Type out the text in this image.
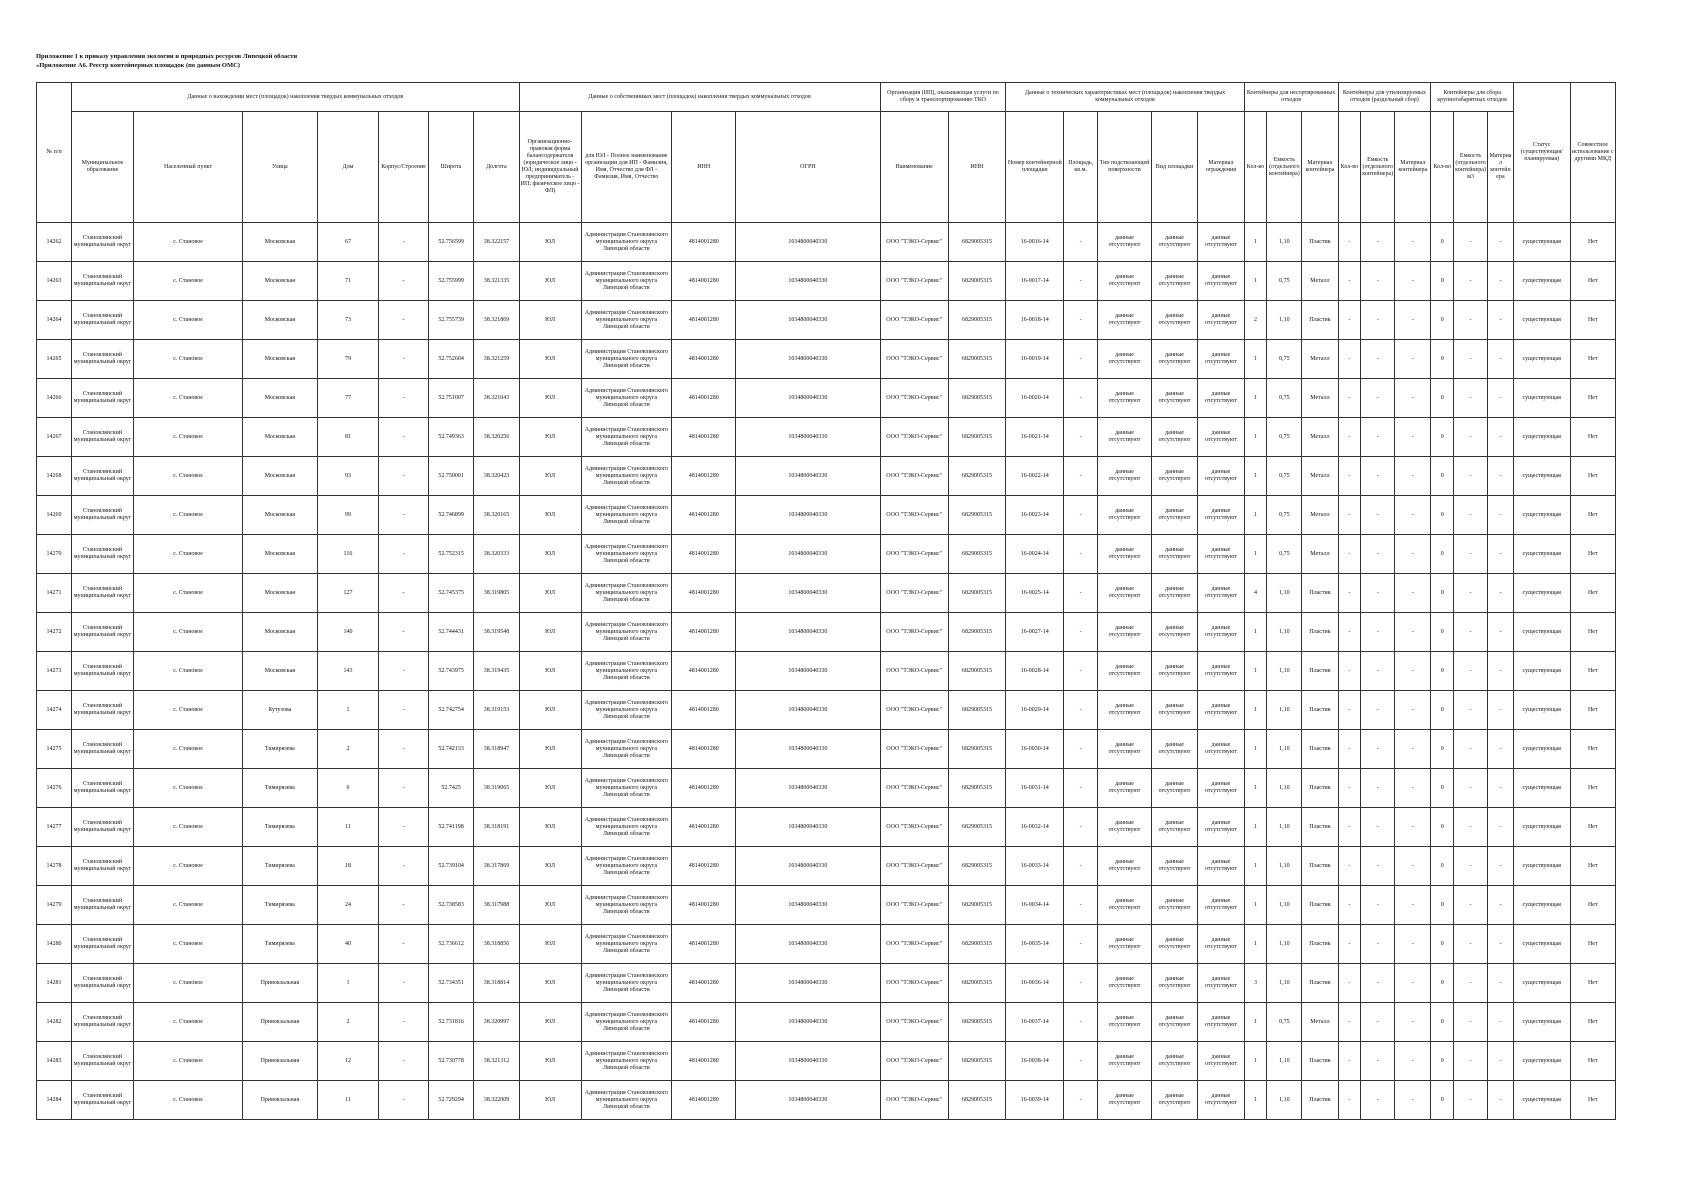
Приложение 1 к приказу управления экологии и природных ресурсов Липецкой области
«Приложение А6. Реестр контейнерных площадок (по данным ОМС)
№ п/п	Данные о нахождении мест (площадок) накопления твердых коммунальных отходов							Данные о собственниках мест (площадок) накопления твердых коммунальных отходов				Организация (ИП), оказывающая услуги по сбору и транспортированию ТКО		Данные о технических характеристиках мест (площадок) накопления твердых коммунальных отходов					Контейнеры для несортированных отходов			Контейнеры для утилизируемых отходов (раздельный сбор)			Контейнеры для сбора крупногабаритных отходов			Статус (существующая/ планируемая)	Совместное использование с другими МКД
	Муниципальное образование	Населенный пункт	Улица	Дом	Корпус/Строение	Широта	Долгота	Организационно-правовая форма балансодержателя (юридическое лицо - ЮЛ; индивидуальный предприниматель - ИП; физическое лицо - ФЛ)	для ЮЛ - Полное наименование организации для ИП - Фамилия, Имя, Отчество для ФЛ - Фамилия, Имя, Отчество	ИНН	ОГРН	Наименование	ИНН	Номер контейнерной площадки	Площадь, кв.м.	Тип подстилающей поверхности	Вид площадки	Материал ограждения	Кол-во	Емкость (отдельного контейнера)	Материал контейнера	Кол-во	Емкость (отдельного контейнера)	Материал контейнера	Кол-во	Емкость (отдельного контейнера) м3	Материал контейнера		
14262	Становлянский муниципальный округ	с. Становое	Московская	67	-	52.756599	38.322157	ЮЛ	Администрация Становлянского муниципального округа Липецкой области	4814001280	1034800040330	ООО "ТЭКО-Сервис"	6829005315	16-0016-14	-	данные отсутствуют	данные отсутствуют	данные отсутствуют	1	1,10	Пластик	-	-	-	0	-	-	существующая	Нет
14263	Становлянский муниципальный округ	с. Становое	Московская	71	-	52.755999	38.321335	ЮЛ	Администрация Становлянского муниципального округа Липецкой области	4814001280	1034800040330	ООО "ТЭКО-Сервис"	6829005315	16-0017-14	-	данные отсутствуют	данные отсутствуют	данные отсутствуют	1	0,75	Металл	-	-	-	0	-	-	существующая	Нет
14264	Становлянский муниципальный округ	с. Становое	Московская	73	-	52.755739	38.321869	ЮЛ	Администрация Становлянского муниципального округа Липецкой области	4814001280	1034800040330	ООО "ТЭКО-Сервис"	6829005315	16-0018-14	-	данные отсутствуют	данные отсутствуют	данные отсутствуют	2	1,10	Пластик	-	-	-	0	-	-	существующая	Нет
14265	Становлянский муниципальный округ	с. Становое	Московская	79	-	52.752604	38.321259	ЮЛ	Администрация Становлянского муниципального округа Липецкой области	4814001280	1034800040330	ООО "ТЭКО-Сервис"	6829005315	16-0019-14	-	данные отсутствуют	данные отсутствуют	данные отсутствуют	1	0,75	Металл	-	-	-	0	-	-	существующая	Нет
14266	Становлянский муниципальный округ	с. Становое	Московская	77	-	52.751007	38.321043	ЮЛ	Администрация Становлянского муниципального округа Липецкой области	4814001280	1034800040330	ООО "ТЭКО-Сервис"	6829005315	16-0020-14	-	данные отсутствуют	данные отсутствуют	данные отсутствуют	1	0,75	Металл	-	-	-	0	-	-	существующая	Нет
14267	Становлянский муниципальный округ	с. Становое	Московская	81	-	52.749363	38.320256	ЮЛ	Администрация Становлянского муниципального округа Липецкой области	4814001280	1034800040330	ООО "ТЭКО-Сервис"	6829005315	16-0021-14	-	данные отсутствуют	данные отсутствуют	данные отсутствуют	1	0,75	Металл	-	-	-	0	-	-	существующая	Нет
14268	Становлянский муниципальный округ	с. Становое	Московская	93	-	52.750001	38.320423	ЮЛ	Администрация Становлянского муниципального округа Липецкой области	4814001280	1034800040330	ООО "ТЭКО-Сервис"	6829005315	16-0022-14	-	данные отсутствуют	данные отсутствуют	данные отсутствуют	1	0,75	Металл	-	-	-	0	-	-	существующая	Нет
14269	Становлянский муниципальный округ	с. Становое	Московская	99	-	52.746899	38.320165	ЮЛ	Администрация Становлянского муниципального округа Липецкой области	4814001280	1034800040330	ООО "ТЭКО-Сервис"	6829005315	16-0023-14	-	данные отсутствуют	данные отсутствуют	данные отсутствуют	1	0,75	Металл	-	-	-	0	-	-	существующая	Нет
14270	Становлянский муниципальный округ	с. Становое	Московская	116	-	52.752315	38.320333	ЮЛ	Администрация Становлянского муниципального округа Липецкой области	4814001280	1034800040330	ООО "ТЭКО-Сервис"	6829005315	16-0024-14	-	данные отсутствуют	данные отсутствуют	данные отсутствуют	1	0,75	Металл	-	-	-	0	-	-	существующая	Нет
14271	Становлянский муниципальный округ	с. Становое	Московская	127	-	52.745375	38.319805	ЮЛ	Администрация Становлянского муниципального округа Липецкой области	4814001280	1034800040330	ООО "ТЭКО-Сервис"	6829005315	16-0025-14	-	данные отсутствуют	данные отсутствуют	данные отсутствуют	4	1,10	Пластик	-	-	-	0	-	-	существующая	Нет
14272	Становлянский муниципальный округ	с. Становое	Московская	140	-	52.744431	38.319548	ЮЛ	Администрация Становлянского муниципального округа Липецкой области	4814001280	1034800040330	ООО "ТЭКО-Сервис"	6829005315	16-0027-14	-	данные отсутствуют	данные отсутствуют	данные отсутствуют	1	1,10	Пластик	-	-	-	0	-	-	существующая	Нет
14273	Становлянский муниципальный округ	с. Становое	Московская	143	-	52.743975	38.319435	ЮЛ	Администрация Становлянского муниципального округа Липецкой области	4814001280	1034800040330	ООО "ТЭКО-Сервис"	6829005315	16-0028-14	-	данные отсутствуют	данные отсутствуют	данные отсутствуют	1	1,10	Пластик	-	-	-	0	-	-	существующая	Нет
14274	Становлянский муниципальный округ	с. Становое	Кутузова	1	-	52.742754	38.319153	ЮЛ	Администрация Становлянского муниципального округа Липецкой области	4814001280	1034800040330	ООО "ТЭКО-Сервис"	6829005315	16-0029-14	-	данные отсутствуют	данные отсутствуют	данные отсутствуют	1	1,10	Пластик	-	-	-	0	-	-	существующая	Нет
14275	Становлянский муниципальный округ	с. Становое	Тимирязева	2	-	52.742133	38.318947	ЮЛ	Администрация Становлянского муниципального округа Липецкой области	4814001280	1034800040330	ООО "ТЭКО-Сервис"	6829005315	16-0030-14	-	данные отсутствуют	данные отсутствуют	данные отсутствуют	1	1,10	Пластик	-	-	-	0	-	-	существующая	Нет
14276	Становлянский муниципальный округ	с. Становое	Тимирязева	6	-	52.7425	38.319065	ЮЛ	Администрация Становлянского муниципального округа Липецкой области	4814001280	1034800040330	ООО "ТЭКО-Сервис"	6829005315	16-0031-14	-	данные отсутствуют	данные отсутствуют	данные отсутствуют	1	1,10	Пластик	-	-	-	0	-	-	существующая	Нет
14277	Становлянский муниципальный округ	с. Становое	Тимирязева	11	-	52.741198	38.318191	ЮЛ	Администрация Становлянского муниципального округа Липецкой области	4814001280	1034800040330	ООО "ТЭКО-Сервис"	6829005315	16-0032-14	-	данные отсутствуют	данные отсутствуют	данные отсутствуют	1	1,10	Пластик	-	-	-	0	-	-	существующая	Нет
14278	Становлянский муниципальный округ	с. Становое	Тимирязева	18	-	52.739104	38.317869	ЮЛ	Администрация Становлянского муниципального округа Липецкой области	4814001280	1034800040330	ООО "ТЭКО-Сервис"	6829005315	16-0033-14	-	данные отсутствуют	данные отсутствуют	данные отсутствуют	1	1,10	Пластик	-	-	-	0	-	-	существующая	Нет
14279	Становлянский муниципальный округ	с. Становое	Тимирязева	24	-	52.738583	38.317988	ЮЛ	Администрация Становлянского муниципального округа Липецкой области	4814001280	1034800040330	ООО "ТЭКО-Сервис"	6829005315	16-0034-14	-	данные отсутствуют	данные отсутствуют	данные отсутствуют	1	1,10	Пластик	-	-	-	0	-	-	существующая	Нет
14280	Становлянский муниципальный округ	с. Становое	Тимирязева	40	-	52.736612	38.318856	ЮЛ	Администрация Становлянского муниципального округа Липецкой области	4814001280	1034800040330	ООО "ТЭКО-Сервис"	6829005315	16-0035-14	-	данные отсутствуют	данные отсутствуют	данные отсутствуют	1	1,10	Пластик	-	-	-	0	-	-	существующая	Нет
14281	Становлянский муниципальный округ	с. Становое	Привокзальная	1	-	52.734351	38.318814	ЮЛ	Администрация Становлянского муниципального округа Липецкой области	4814001280	1034800040330	ООО "ТЭКО-Сервис"	6829005315	16-0036-14	-	данные отсутствуют	данные отсутствуют	данные отсутствуют	3	1,10	Пластик	-	-	-	0	-	-	существующая	Нет
14282	Становлянский муниципальный округ	с. Становое	Привокзальная	2	-	52.731816	38.320997	ЮЛ	Администрация Становлянского муниципального округа Липецкой области	4814001280	1034800040330	ООО "ТЭКО-Сервис"	6829005315	16-0037-14	-	данные отсутствуют	данные отсутствуют	данные отсутствуют	1	0,75	Металл	-	-	-	0	-	-	существующая	Нет
14283	Становлянский муниципальный округ	с. Становое	Привокзальная	12	-	52.730778	38.321312	ЮЛ	Администрация Становлянского муниципального округа Липецкой области	4814001280	1034800040330	ООО "ТЭКО-Сервис"	6829005315	16-0038-14	-	данные отсутствуют	данные отсутствуют	данные отсутствуют	1	1,10	Пластик	-	-	-	0	-	-	существующая	Нет
14284	Становлянский муниципальный округ	с. Становое	Привокзальная	11	-	52.729294	38.322009	ЮЛ	Администрация Становлянского муниципального округа Липецкой области	4814001280	1034800040330	ООО "ТЭКО-Сервис"	6829005315	16-0039-14	-	данные отсутствуют	данные отсутствуют	данные отсутствуют	1	1,10	Пластик	-	-	-	0	-	-	существующая	Нет
